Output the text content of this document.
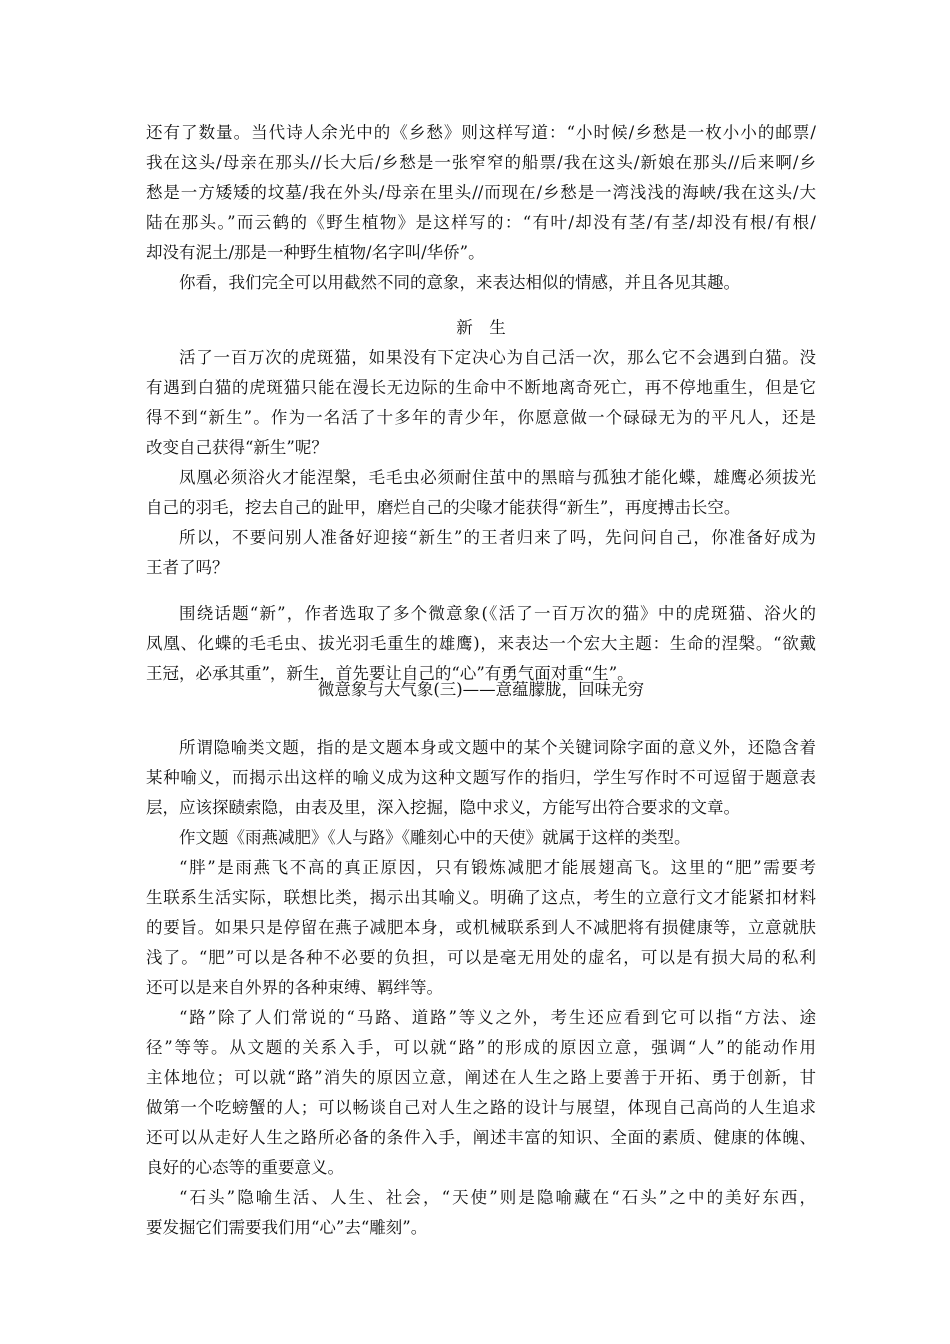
还有了数量。当代诗人余光中的《乡愁》则这样写道：“小时候/乡愁是一枚小小的邮票/
我在这头/母亲在那头//长大后/乡愁是一张窄窄的船票/我在这头/新娘在那头//后来啊/乡
愁是一方矮矮的坟墓/我在外头/母亲在里头//而现在/乡愁是一湾浅浅的海峡/我在这头/大
陆在那头。”而云鹤的《野生植物》是这样写的：“有叶/却没有茎/有茎/却没有根/有根/
却没有泥土/那是一种野生植物/名字叫/华侨”。
你看，我们完全可以用截然不同的意象，来表达相似的情感，并且各见其趣。
新　生
活了一百万次的虎斑猫，如果没有下定决心为自己活一次，那么它不会遇到白猫。没
有遇到白猫的虎斑猫只能在漫长无边际的生命中不断地离奇死亡，再不停地重生，但是它
得不到“新生”。作为一名活了十多年的青少年，你愿意做一个碌碌无为的平凡人，还是
改变自己获得“新生”呢？
凤凰必须浴火才能涅槃，毛毛虫必须耐住茧中的黑暗与孤独才能化蝶，雄鹰必须拔光
自己的羽毛，挖去自己的趾甲，磨烂自己的尖喙才能获得“新生”，再度搏击长空。
所以，不要问别人准备好迎接“新生”的王者归来了吗，先问问自己，你准备好成为
王者了吗？
围绕话题“新”，作者选取了多个微意象(《活了一百万次的猫》中的虎斑猫、浴火的
凤凰、化蝶的毛毛虫、拔光羽毛重生的雄鹰)，来表达一个宏大主题：生命的涅槃。“欲戴
王冠，必承其重”，新生，首先要让自己的“心”有勇气面对重“生”。
微意象与大气象(三)——意蕴朦胧，回味无穷
所谓隐喻类文题，指的是文题本身或文题中的某个关键词除字面的意义外，还隐含着
某种喻义，而揭示出这样的喻义成为这种文题写作的指归，学生写作时不可逗留于题意表
层，应该探赜索隐，由表及里，深入挖掘，隐中求义，方能写出符合要求的文章。
作文题《雨燕减肥》《人与路》《雕刻心中的天使》就属于这样的类型。
“胖”是雨燕飞不高的真正原因，只有锻炼减肥才能展翅高飞。这里的“肥”需要考
生联系生活实际，联想比类，揭示出其喻义。明确了这点，考生的立意行文才能紧扣材料
的要旨。如果只是停留在燕子减肥本身，或机械联系到人不减肥将有损健康等，立意就肤
浅了。“肥”可以是各种不必要的负担，可以是毫无用处的虚名，可以是有损大局的私利
还可以是来自外界的各种束缚、羁绊等。
“路”除了人们常说的“马路、道路”等义之外，考生还应看到它可以指“方法、途
径”等等。从文题的关系入手，可以就“路”的形成的原因立意，强调“人”的能动作用
主体地位；可以就“路”消失的原因立意，阐述在人生之路上要善于开拓、勇于创新，甘
做第一个吃螃蟹的人；可以畅谈自己对人生之路的设计与展望，体现自己高尚的人生追求
还可以从走好人生之路所必备的条件入手，阐述丰富的知识、全面的素质、健康的体魄、
良好的心态等的重要意义。
“石头”隐喻生活、人生、社会，“天使”则是隐喻藏在“石头”之中的美好东西，
要发掘它们需要我们用“心”去“雕刻”。
